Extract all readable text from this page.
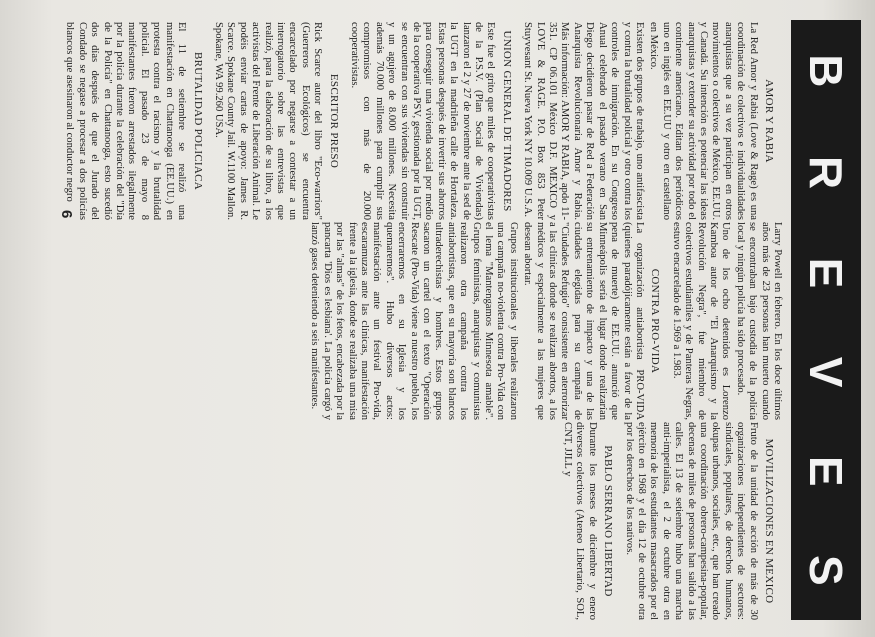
B
R
E
V
E
S
AMOR Y RABIA

La Red Amor y Rabia (Love & Rage) es una coordinación de colectivos e individualidades anarquistas que a su vez participan en otros movimientos o colectivos de México, EE.UU. y Canadá. Su intención es potenciar las ideas anarquistas y extender su actividad por todo el continente americano. Editan dos periódicos uno en inglés en EE.UU y otro en castellano en México.

Existen dos grupos de trabajo, uno antifascista y contra la brutalidad policial y otro contra los controles de inmigración. En su Congreso Anual celebrado el pasado verano en San Diego decidieron pasar de Red a Federación Anarquista Revolucionaria Amor y Rabia. Más información: AMOR Y RABIA, apdo 11-351. CP 06.101 México D.F. MEXICO y LOVE & RAGE. P.O. Box 853 Peter Stuyvesant St. Nueva York NY 10.009 U.S.A.

UNION GENERAL DE TIMADORES

Este fue el grito que miles de cooperativistas de la P.S.V. (Plan Social de Viviendas) lanzaron el 2 y 27 de noviembre ante la sed de la UGT en la madrileña calle de Hortaleza. Estas personas después de invertir sus ahorros para conseguir una vivienda social por medio de la cooperativa PSV, gestionada por la UGT, se encuentran con sus viviendas sin construir y un agujero de 8.000 millones. Necesita además 70.000 millones para cumplir sus compromisos con más de 20.000 cooperativistas.

ESCRITOR PRESO

Rick Scarce autor del libro "Eco-warriors" (Guerreros Ecológicos) se encuentra encarcelado por negarse a contestar a un interrogatorio sobre las entrevistas que realizó, para la elaboración de su libro, a los activistas del Frente de Liberación Animal. Le podéis enviar cartas de apoyo: James R. Scarce. Spokane County Jail. W.1100 Mallon. Spokane, WA 99.260 USA.

BRUTALIDAD POLICIACA

El 11 de setiembre se realizó una manifestación en Chattanooga (EE.UU.) en protesta contra el racismo y la brutalidad policial. El pasado 23 de mayo 8 manifestantes fueron arrestados ilegalmente por la policía durante la celebración del "Día de la Policía" en Chattanooga, esto sucedió dos días después de que el Jurado del Condado se negase a procesar a dos policías blancos que asesinaron al conductor negro

Larry Powell en febrero. En los doce últimos años más de 23 personas han muerto cuando se encontraban bajo custodia de la policía local y ningún policía ha sido procesado.

Uno de los ocho detenidos es Lorenzo Kamboa autor de "El Anarquismo y la Revolución Negra", fue miembro de colectivos estudiantiles y de Panteras Negras, estuvo encarcelado de 1.969 a 1.983.

CONTRA PRO-VIDA

La organización antiabortista PRO-VIDA (quienes paradójicamente están a favor de la pena de muerte) de EE.UU. anunció que Minneápolis sería el lugar donde realizarían su entrenamiento de impacto y una de las ciudades elegidas para su campaña de "Ciudades Refugio" consistente en aterrorizar a las clínicas donde se realizan abortos, a los médicos y especialmente a las mujeres que desean abortar.

Grupos institucionales y liberales realizaron una campaña no-violenta contra Pro-Vida con el lema "Mantengamos Minnesota amable". Grupos feministas, anarquistas y comunistas realizaron otra campaña contra los antiabortistas, que en su mayoría son blancos ultraderechistas y hombres. Estos grupos sacaron un cartel con el texto "Operación Rescate (Pro-Vida) viene a nuestro pueblo, los encerraremos en su Iglesia y los quemaremos". Hubo diversos actos: manifestación ante un festival Pro-vida, escaramuzas ante las clínicas, manifestación frente a la iglesia, donde se realizaba una misa por las "almas" de los fetos, encabezada por la pancarta 'Dios es lesbiana'. La policía cargó y lanzó gases deteniendo a seis manifestantes.

MOVILIZACIONES EN MEXICO

Fruto de la unidad de acción de más de 30 organizaciones independientes de sectores: sindicales, populares, de derechos humanos, okupas urbanos, sociales, etc., que han creado una coordinación obrero-campesina-popular, decenas de miles de personas han salido a las calles. El 13 de setiembre hubo una marcha anti-imperialista, el 2 de octubre otra en memoria de los estudiantes masacrados por el ejército en 1968 y el día 12 de octubre otra por los derechos de los nativos.

PABLO SERRANO LIBERTAD

Durante los meses de diciembre y enero diversos colectivos (Ateneo Libertario, SOL, CNT, JJLL y

6
